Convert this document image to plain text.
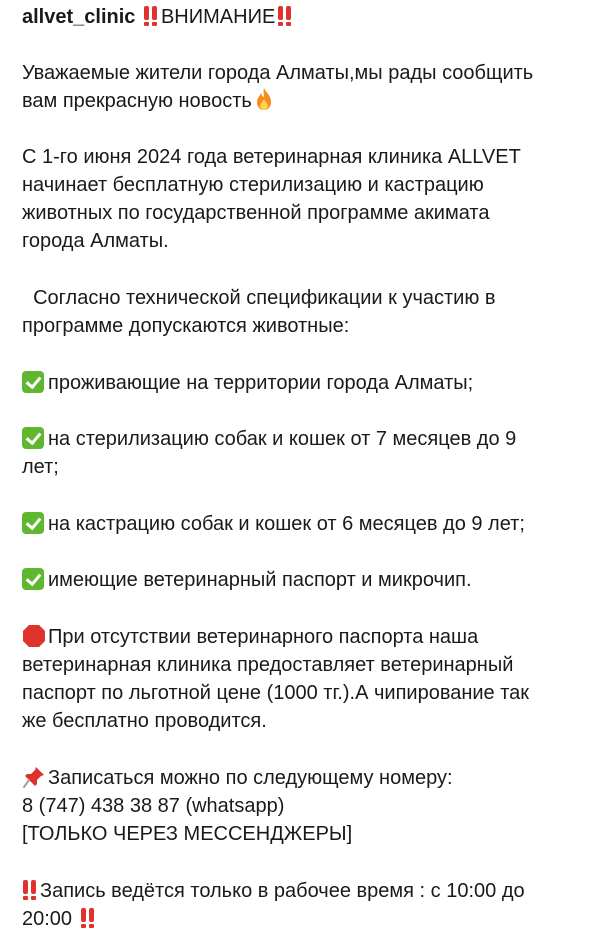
allvet_clinic ВНИМАНИЕ
Уважаемые жители города Алматы,мы рады сообщить
вам прекрасную новость
С 1-го июня 2024 года ветеринарная клиника ALLVET
начинает бесплатную стерилизацию и кастрацию
животных по государственной программе акимата
города Алматы.
Согласно технической спецификации к участию в
программе допускаются животные:
проживающие на территории города Алматы;
на стерилизацию собак и кошек от 7 месяцев до 9
лет;
на кастрацию собак и кошек от 6 месяцев до 9 лет;
имеющие ветеринарный паспорт и микрочип.
При отсутствии ветеринарного паспорта наша
ветеринарная клиника предоставляет ветеринарный
паспорт по льготной цене (1000 тг.).А чипирование так
же бесплатно проводится.
Записаться можно по следующему номеру:
8 (747) 438 38 87 (whatsapp)
[ТОЛЬКО ЧЕРЕЗ МЕССЕНДЖЕРЫ]
Запись ведётся только в рабочее время : с 10:00 до
20:00
